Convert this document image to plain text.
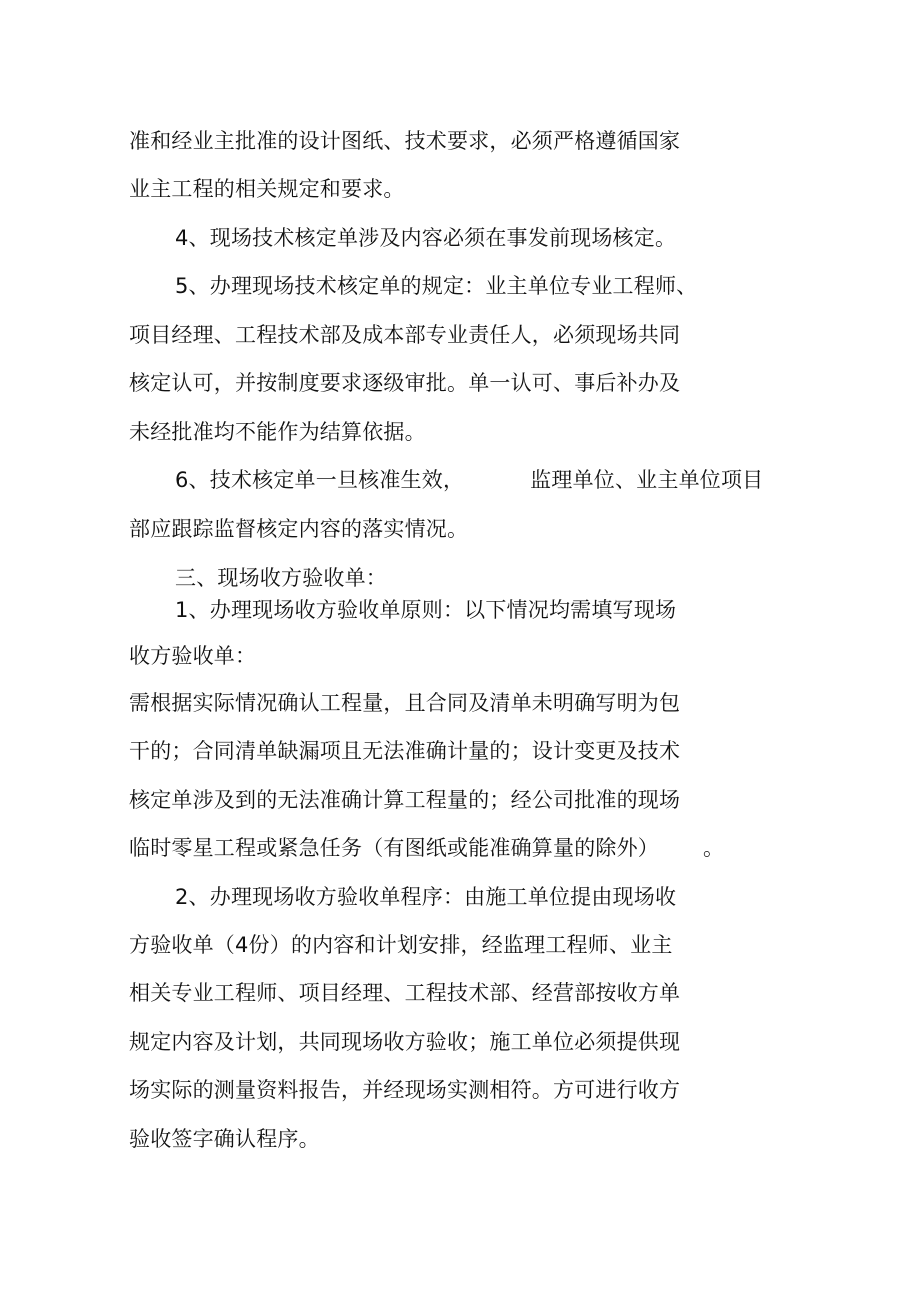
准和经业主批准的设计图纸、技术要求，必须严格遵循国家
业主工程的相关规定和要求。
4、现场技术核定单涉及内容必须在事发前现场核定。
5、办理现场技术核定单的规定：业主单位专业工程师、
项目经理、工程技术部及成本部专业责任人，必须现场共同
核定认可，并按制度要求逐级审批。单一认可、事后补办及
未经批准均不能作为结算依据。
6、技术核定单一旦核准生效，	监理单位、业主单位项目
部应跟踪监督核定内容的落实情况。
三、现场收方验收单：
1、办理现场收方验收单原则：以下情况均需填写现场
收方验收单：
需根据实际情况确认工程量，且合同及清单未明确写明为包
干的；合同清单缺漏项且无法准确计量的；设计变更及技术
核定单涉及到的无法准确计算工程量的；经公司批准的现场
临时零星工程或紧急任务（有图纸或能准确算量的除外） 。
2、办理现场收方验收单程序：由施工单位提由现场收
方验收单（4份）的内容和计划安排，经监理工程师、业主
相关专业工程师、项目经理、工程技术部、经营部按收方单
规定内容及计划，共同现场收方验收；施工单位必须提供现
场实际的测量资料报告，并经现场实测相符。方可进行收方
验收签字确认程序。
